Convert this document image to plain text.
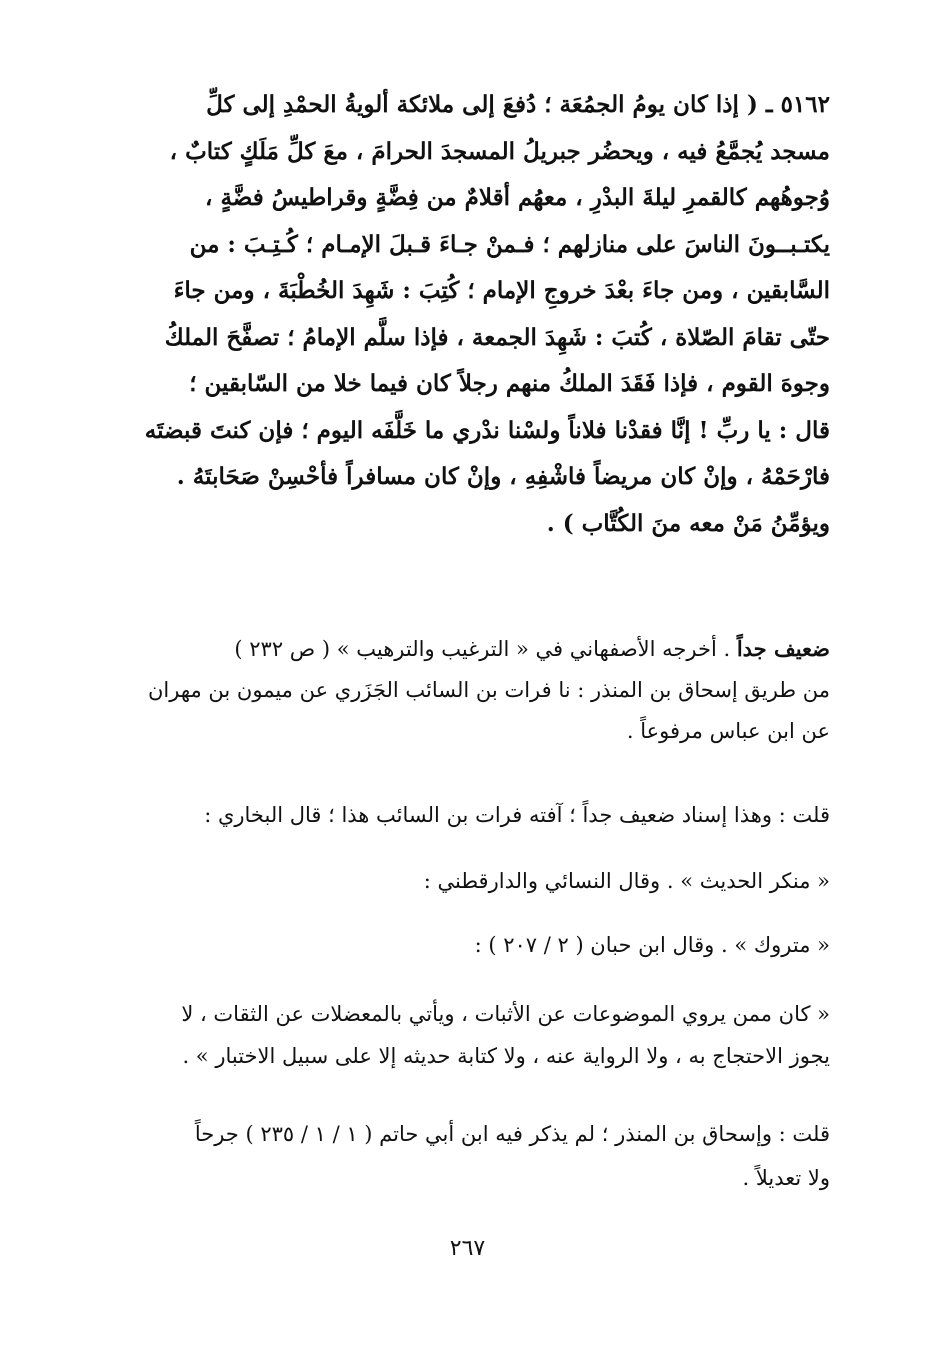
٥١٦٢ ـ ( إذا كان يومُ الجمُعَة ؛ دُفعَ إلى ملائكة ألويةُ الحمْدِ إلى كلِّ
مسجد يُجمَّعُ فيه ، ويحضُر جبريلُ المسجدَ الحرامَ ، معَ كلِّ مَلَكٍ كتابٌ ،
وُجوهُهم كالقمرِ ليلةَ البدْرِ ، معهُم أقلامٌ من فِضَّةٍ وقراطيسُ فضَّةٍ ،
يكتـبــونَ الناسَ على منازلهم ؛ فـمنْ جـاءَ قـبلَ الإمـام ؛ كُـتِـبَ : من
السَّابقين ، ومن جاءَ بعْدَ خروجِ الإمام ؛ كُتِبَ : شَهِدَ الخُطْبَةَ ، ومن جاءَ
حتّى تقامَ الصّلاة ، كُتبَ : شَهِدَ الجمعة ، فإذا سلَّم الإمامُ ؛ تصفَّحَ الملكُ
وجوهَ القوم ، فإذا فَقَدَ الملكُ منهم رجلاً كان فيما خلا من السّابقين ؛
قال : يا ربِّ ! إنَّا فقدْنا فلاناً ولسْنا ندْري ما خَلَّفَه اليوم ؛ فإن كنتَ قبضتَه
فارْحَمْهُ ، وإنْ كان مريضاً فاشْفِهِ ، وإنْ كان مسافراً فأحْسِنْ صَحَابتَهُ .
ويؤمِّنُ مَنْ معه منَ الكُتَّاب ) .
ضعيف جداً . أخرجه الأصفهاني في « الترغيب والترهيب » ( ص ٢٣٢ )
من طريق إسحاق بن المنذر : نا فرات بن السائب الجَزَري عن ميمون بن مهران
عن ابن عباس مرفوعاً .
قلت : وهذا إسناد ضعيف جداً ؛ آفته فرات بن السائب هذا ؛ قال البخاري :
« منكر الحديث » . وقال النسائي والدارقطني :
« متروك » . وقال ابن حبان ( ٢ / ٢٠٧ ) :
« كان ممن يروي الموضوعات عن الأثبات ، ويأتي بالمعضلات عن الثقات ، لا
يجوز الاحتجاج به ، ولا الرواية عنه ، ولا كتابة حديثه إلا على سبيل الاختبار » .
قلت : وإسحاق بن المنذر ؛ لم يذكر فيه ابن أبي حاتم ( ١ / ١ / ٢٣٥ ) جرحاً
ولا تعديلاً .
٢٦٧
